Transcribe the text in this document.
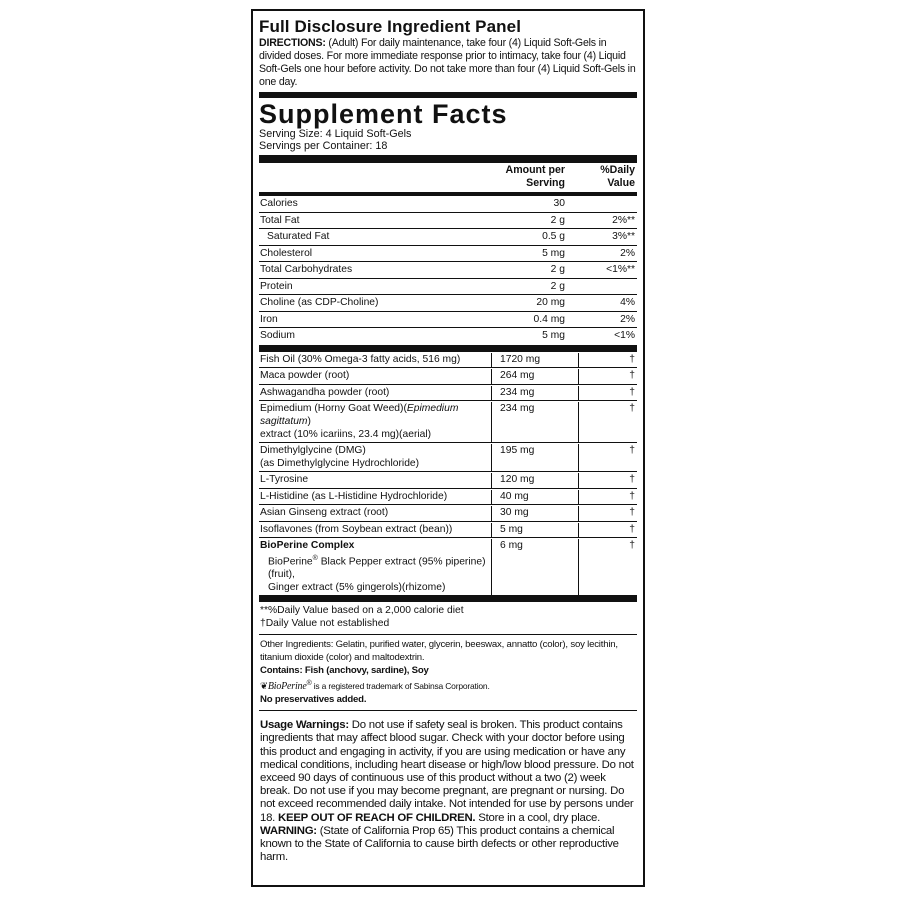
Full Disclosure Ingredient Panel
DIRECTIONS: (Adult) For daily maintenance, take four (4) Liquid Soft-Gels in divided doses. For more immediate response prior to intimacy, take four (4) Liquid Soft-Gels one hour before activity. Do not take more than four (4) Liquid Soft-Gels in one day.
Supplement Facts
Serving Size: 4 Liquid Soft-Gels
Servings per Container: 18
Amount per
Serving
%Daily
Value
Calories	30
Total Fat	2 g	2%**
Saturated Fat	0.5 g	3%**
Cholesterol	5 mg	2%
Total Carbohydrates	2 g	<1%**
Protein	2 g
Choline (as CDP-Choline)	20 mg	4%
Iron	0.4 mg	2%
Sodium	5 mg	<1%
Fish Oil (30% Omega-3 fatty acids, 516 mg)	1720 mg	†
Maca powder (root)	264 mg	†
Ashwagandha powder (root)	234 mg	†
Epimedium (Horny Goat Weed)(Epimedium sagittatum)
extract (10% icariins, 23.4 mg)(aerial)
234 mg	†
Dimethylglycine (DMG)
(as Dimethylglycine Hydrochloride)
195 mg	†
L-Tyrosine	120 mg	†
L-Histidine (as L-Histidine Hydrochloride)	40 mg	†
Asian Ginseng extract (root)	30 mg	†
Isoflavones (from Soybean extract (bean))	5 mg	†
BioPerine Complex
BioPerine® Black Pepper extract (95% piperine)(fruit),
Ginger extract (5% gingerols)(rhizome)
6 mg	†
**%Daily Value based on a 2,000 calorie diet
†Daily Value not established
Other Ingredients: Gelatin, purified water, glycerin, beeswax, annatto (color), soy lecithin, titanium dioxide (color) and maltodextrin.
Contains: Fish (anchovy, sardine), Soy
❦BioPerine® is a registered trademark of Sabinsa Corporation.
No preservatives added.
Usage Warnings: Do not use if safety seal is broken. This product contains ingredients that may affect blood sugar. Check with your doctor before using this product and engaging in activity, if you are using medication or have any medical conditions, including heart disease or high/low blood pressure. Do not exceed 90 days of continuous use of this product without a two (2) week break. Do not use if you may become pregnant, are pregnant or nursing. Do not exceed recommended daily intake. Not intended for use by persons under 18. KEEP OUT OF REACH OF CHILDREN. Store in a cool, dry place.
WARNING: (State of California Prop 65) This product contains a chemical known to the State of California to cause birth defects or other reproductive harm.
